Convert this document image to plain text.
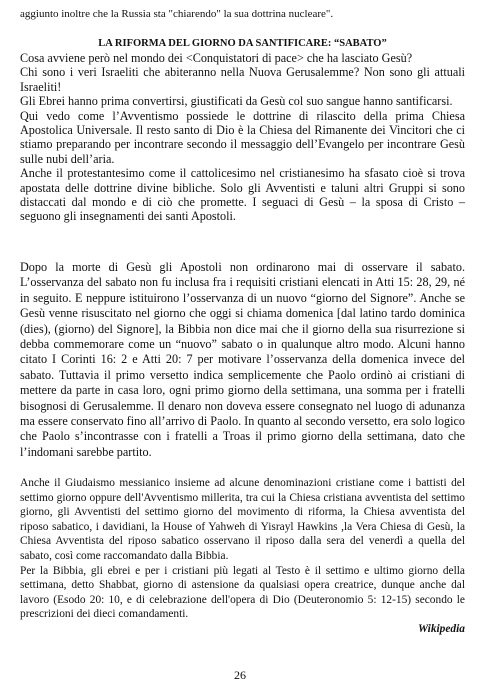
aggiunto inoltre che la Russia sta "chiarendo" la sua dottrina nucleare".
LA RIFORMA DEL GIORNO DA SANTIFICARE: “SABATO”

Cosa avviene però nel mondo dei <Conquistatori di pace> che ha lasciato Gesù?

Chi sono i veri Israeliti che abiteranno nella Nuova Gerusalemme? Non sono gli attuali Israeliti!

Gli Ebrei hanno prima convertirsi, giustificati da Gesù col suo sangue hanno santificarsi.

Qui vedo come l’Avventismo possiede le dottrine di rilascito della prima Chiesa Apostolica Universale. Il resto santo di Dio è la Chiesa del Rimanente dei Vincitori che ci stiamo preparando per incontrare secondo il messaggio dell’Evangelo per incontrare Gesù sulle nubi dell’aria.

Anche il protestantesimo come il cattolicesimo nel cristianesimo ha sfasato cioè si trova apostata delle dottrine divine bibliche. Solo gli Avventisti e taluni altri Gruppi si sono distaccati dal mondo e di ciò che promette. I seguaci di Gesù – la sposa di Cristo – seguono gli insegnamenti dei santi Apostoli.

Dopo la morte di Gesù gli Apostoli non ordinarono mai di osservare il sabato. L’osservanza del sabato non fu inclusa fra i requisiti cristiani elencati in Atti 15: 28, 29, né in seguito. E neppure istituirono l’osservanza di un nuovo “giorno del Signore”. Anche se Gesù venne risuscitato nel giorno che oggi si chiama domenica [dal latino tardo dominica (dies), (giorno) del Signore], la Bibbia non dice mai che il giorno della sua risurrezione si debba commemorare come un “nuovo” sabato o in qualunque altro modo. Alcuni hanno citato I Corinti 16: 2 e Atti 20: 7 per motivare l’osservanza della domenica invece del sabato. Tuttavia il primo versetto indica semplicemente che Paolo ordinò ai cristiani di mettere da parte in casa loro, ogni primo giorno della settimana, una somma per i fratelli bisognosi di Gerusalemme. Il denaro non doveva essere consegnato nel luogo di adunanza ma essere conservato fino all’arrivo di Paolo. In quanto al secondo versetto, era solo logico che Paolo s’incontrasse con i fratelli a Troas il primo giorno della settimana, dato che l’indomani sarebbe partito.

Anche il Giudaismo messianico insieme ad alcune denominazioni cristiane come i battisti del settimo giorno oppure dell'Avventismo millerita, tra cui la Chiesa cristiana avventista del settimo giorno, gli Avventisti del settimo giorno del movimento di riforma, la Chiesa avventista del riposo sabatico, i davidiani, la House of Yahweh di Yisrayl Hawkins ,la Vera Chiesa di Gesù, la Chiesa Avventista del riposo sabatico osservano il riposo dalla sera del venerdì a quella del sabato, così come raccomandato dalla Bibbia.

Per la Bibbia, gli ebrei e per i cristiani più legati al Testo è il settimo e ultimo giorno della settimana, detto Shabbat, giorno di astensione da qualsiasi opera creatrice, dunque anche dal lavoro (Esodo 20: 10, e di celebrazione dell'opera di Dio (Deuteronomio 5: 12-15) secondo le prescrizioni dei dieci comandamenti.

Wikipedia

26
